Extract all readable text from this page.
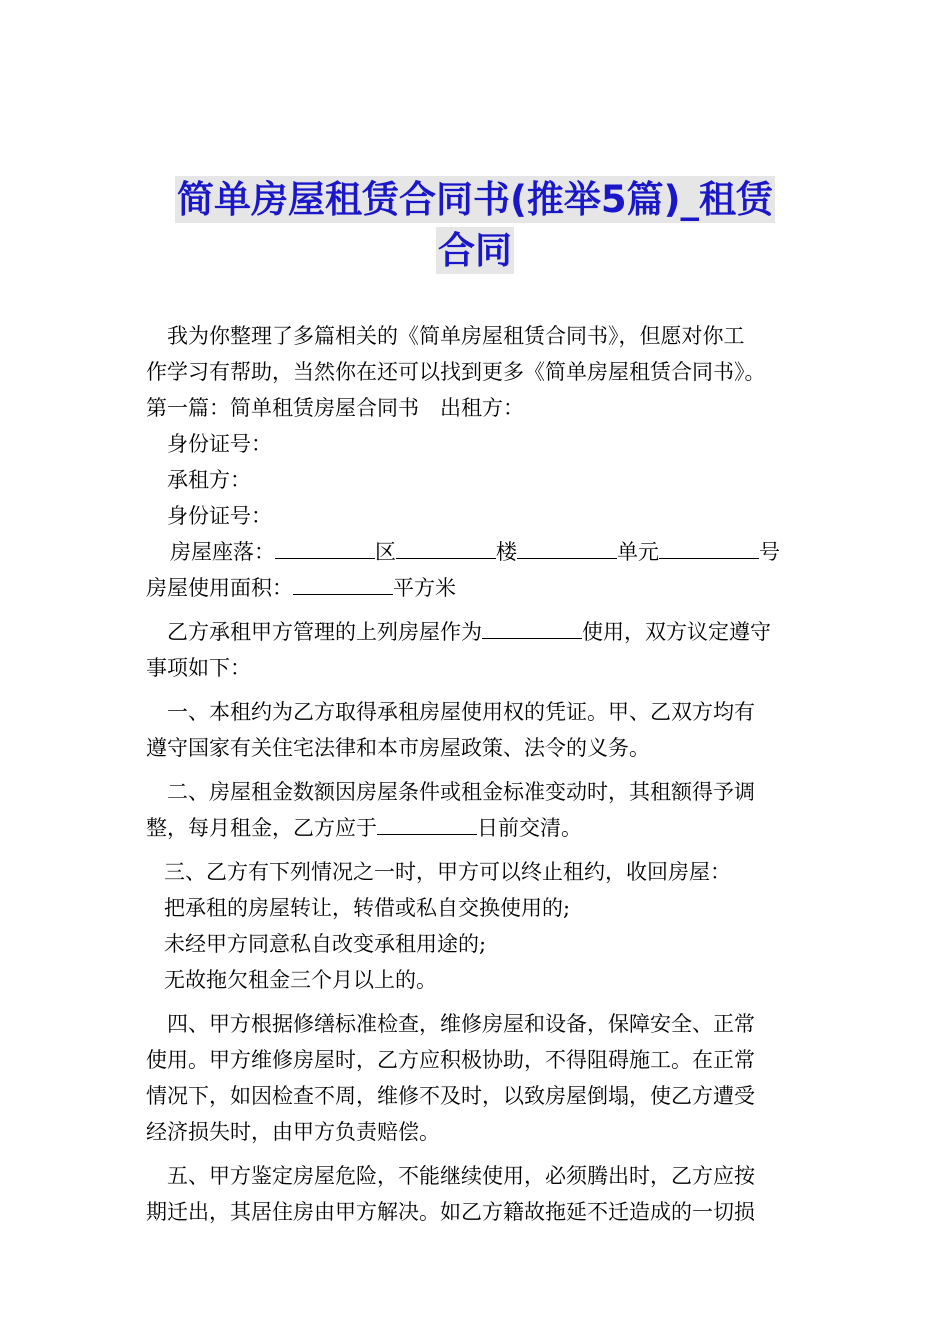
简单房屋租赁合同书(推举5篇)_租赁
合同
我为你整理了多篇相关的《简单房屋租赁合同书》，但愿对你工
作学习有帮助，当然你在还可以找到更多《简单房屋租赁合同书》。
第一篇：简单租赁房屋合同书　出租方：
身份证号：
承租方：
身份证号：
房屋座落：	区	楼	单元	号
房屋使用面积：	平方米
乙方承租甲方管理的上列房屋作为	使用，双方议定遵守
事项如下：
一、本租约为乙方取得承租房屋使用权的凭证。甲、乙双方均有
遵守国家有关住宅法律和本市房屋政策、法令的义务。
二、房屋租金数额因房屋条件或租金标准变动时，其租额得予调
整，每月租金，乙方应于	日前交清。
三、乙方有下列情况之一时，甲方可以终止租约，收回房屋：
把承租的房屋转让，转借或私自交换使用的;
未经甲方同意私自改变承租用途的;
无故拖欠租金三个月以上的。
四、甲方根据修缮标准检查，维修房屋和设备，保障安全、正常
使用。甲方维修房屋时，乙方应积极协助，不得阻碍施工。在正常
情况下，如因检查不周，维修不及时，以致房屋倒塌，使乙方遭受
经济损失时，由甲方负责赔偿。
五、甲方鉴定房屋危险，不能继续使用，必须腾出时，乙方应按
期迁出，其居住房由甲方解决。如乙方籍故拖延不迁造成的一切损
